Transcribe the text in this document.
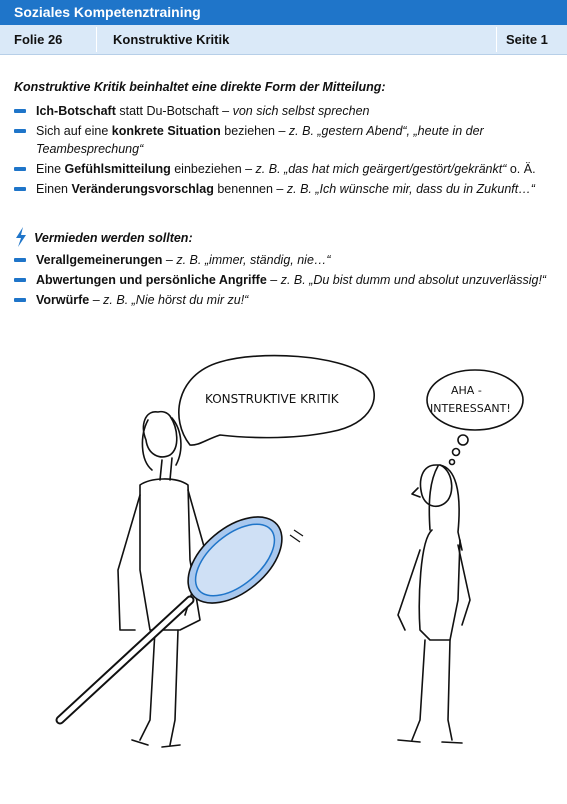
Soziales Kompetenztraining
Folie 26	Konstruktive Kritik	Seite 1
Konstruktive Kritik beinhaltet eine direkte Form der Mitteilung:
Ich-Botschaft statt Du-Botschaft – von sich selbst sprechen
Sich auf eine konkrete Situation beziehen – z. B. „gestern Abend“, „heute in der Teambesprechung“
Eine Gefühlsmitteilung einbeziehen – z. B. „das hat mich geärgert/gestört/gekränkt“ o. Ä.
Einen Veränderungsvorschlag benennen – z. B. „Ich wünsche mir, dass du in Zukunft…“
Vermieden werden sollten:
Verallgemeinerungen – z. B. „immer, ständig, nie…“
Abwertungen und persönliche Angriffe – z. B. „Du bist dumm und absolut unzuverlässig!“
Vorwürfe – z. B. „Nie hörst du mir zu!“
KONSTRUKTIVE KRITIK
AHA -
INTERESSANT!
